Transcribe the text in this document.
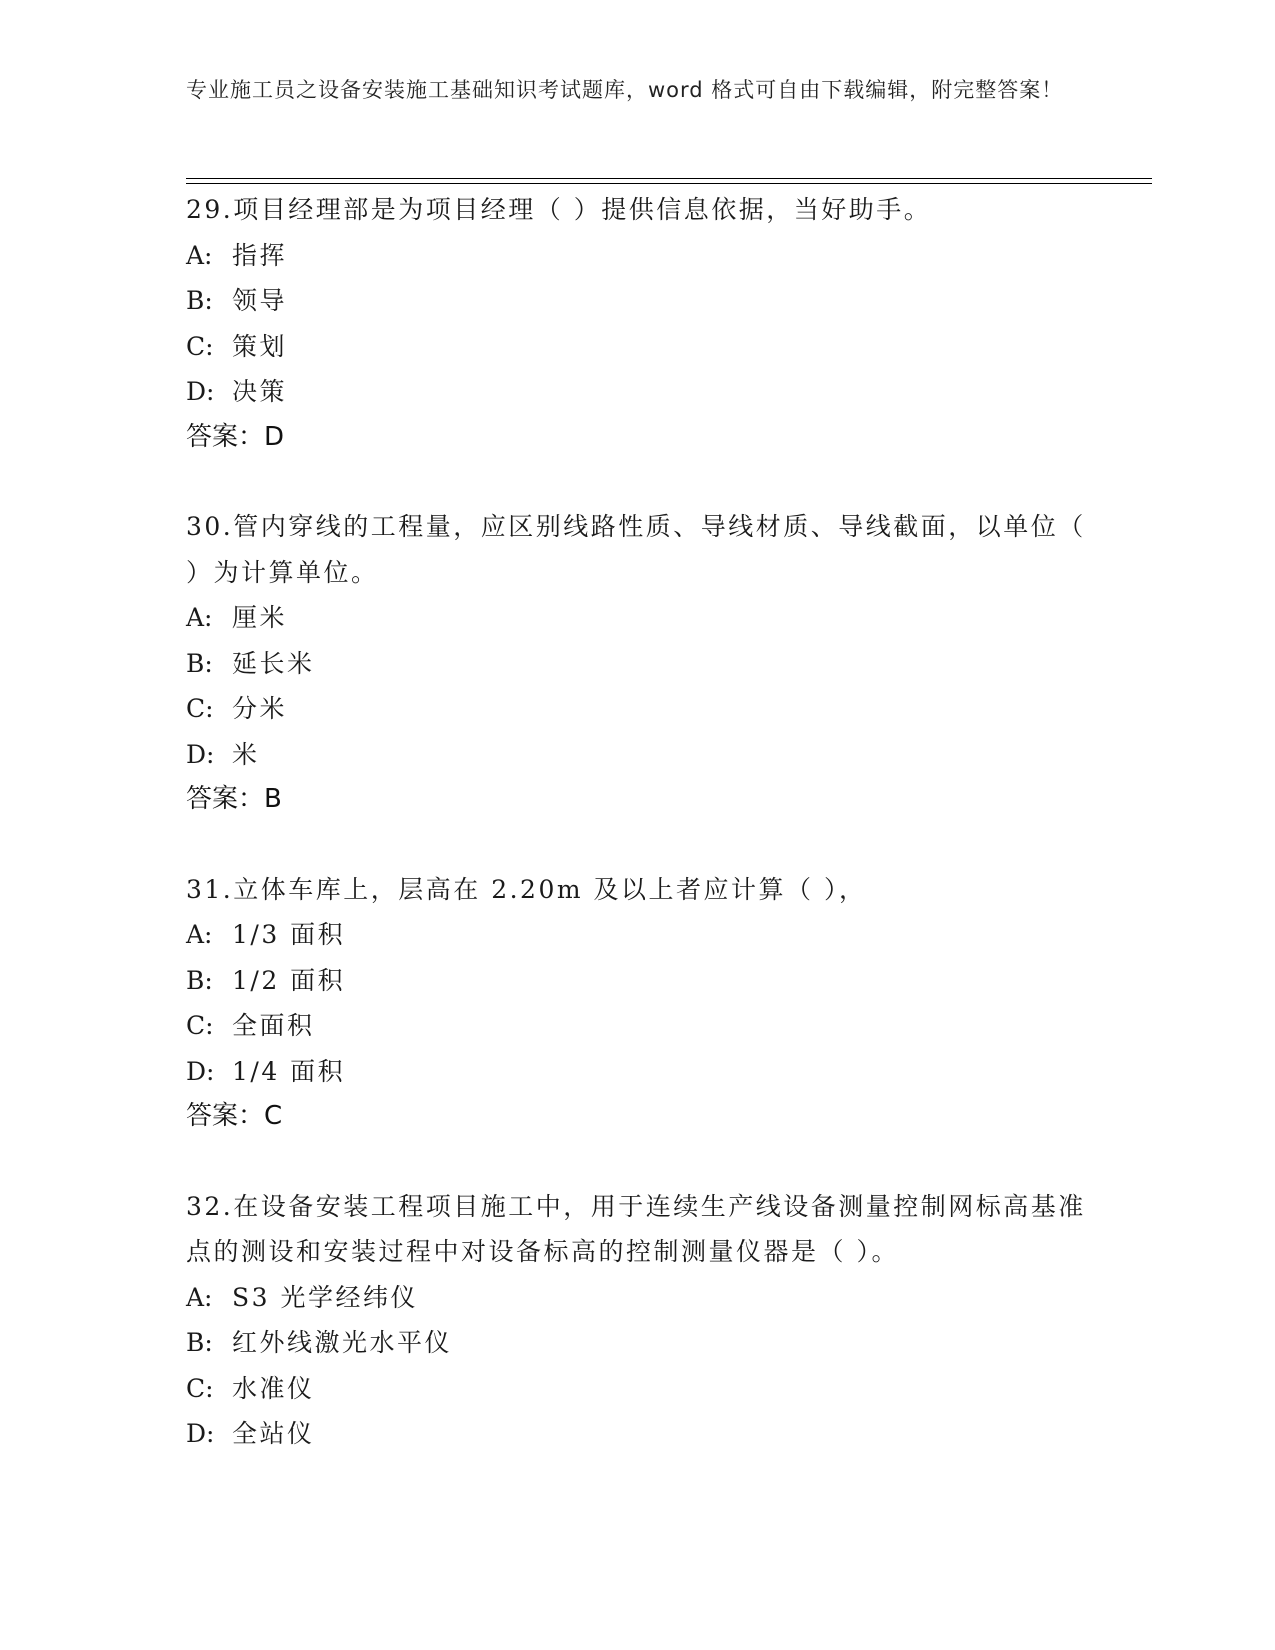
专业施工员之设备安装施工基础知识考试题库，word 格式可自由下载编辑，附完整答案！
29.项目经理部是为项目经理（ ）提供信息依据，当好助手。
A: 指挥
B: 领导
C: 策划
D: 决策
答案：D
30.管内穿线的工程量，应区别线路性质、导线材质、导线截面，以单位（ ）为计算单位。
A: 厘米
B: 延长米
C: 分米
D: 米
答案：B
31.立体车库上，层高在 2.20m 及以上者应计算（ ），
A: 1/3 面积
B: 1/2 面积
C: 全面积
D: 1/4 面积
答案：C
32.在设备安装工程项目施工中，用于连续生产线设备测量控制网标高基准点的测设和安装过程中对设备标高的控制测量仪器是（ ）。
A: S3 光学经纬仪
B: 红外线激光水平仪
C: 水准仪
D: 全站仪
